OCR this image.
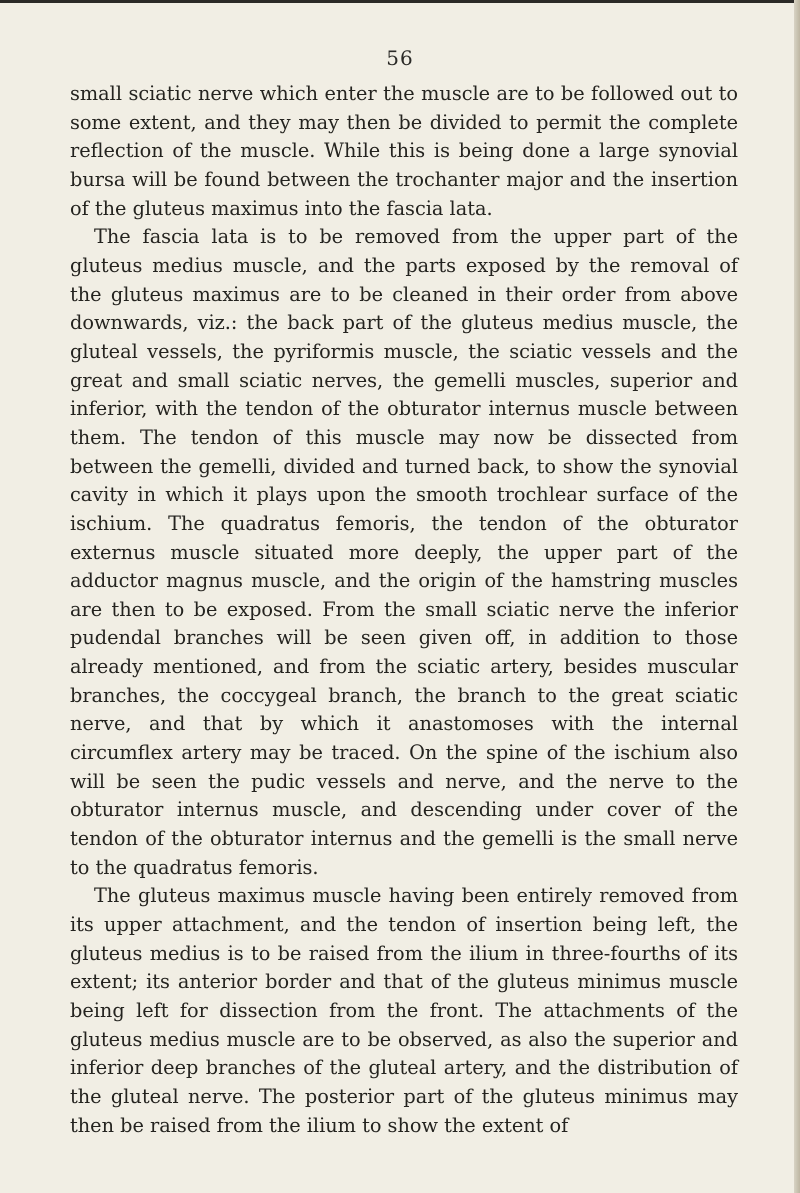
56

small sciatic nerve which enter the muscle are to be followed out to some extent, and they may then be divided to permit the complete reflection of the muscle. While this is being done a large synovial bursa will be found between the trochanter major and the insertion of the gluteus maximus into the fascia lata.

The fascia lata is to be removed from the upper part of the gluteus medius muscle, and the parts exposed by the removal of the gluteus maximus are to be cleaned in their order from above downwards, viz.: the back part of the gluteus medius muscle, the gluteal vessels, the pyriformis muscle, the sciatic vessels and the great and small sciatic nerves, the gemelli muscles, superior and inferior, with the tendon of the obturator internus muscle between them. The tendon of this muscle may now be dissected from between the gemelli, divided and turned back, to show the synovial cavity in which it plays upon the smooth trochlear surface of the ischium. The quadratus femoris, the tendon of the obturator externus muscle situated more deeply, the upper part of the adductor magnus muscle, and the origin of the hamstring muscles are then to be exposed. From the small sciatic nerve the inferior pudendal branches will be seen given off, in addition to those already mentioned, and from the sciatic artery, besides muscular branches, the coccygeal branch, the branch to the great sciatic nerve, and that by which it anastomoses with the internal circumflex artery may be traced. On the spine of the ischium also will be seen the pudic vessels and nerve, and the nerve to the obturator internus muscle, and descending under cover of the tendon of the obturator internus and the gemelli is the small nerve to the quadratus femoris.

The gluteus maximus muscle having been entirely removed from its upper attachment, and the tendon of insertion being left, the gluteus medius is to be raised from the ilium in three-fourths of its extent; its anterior border and that of the gluteus minimus muscle being left for dissection from the front. The attachments of the gluteus medius muscle are to be observed, as also the superior and inferior deep branches of the gluteal artery, and the distribution of the gluteal nerve. The posterior part of the gluteus minimus may then be raised from the ilium to show the extent of
